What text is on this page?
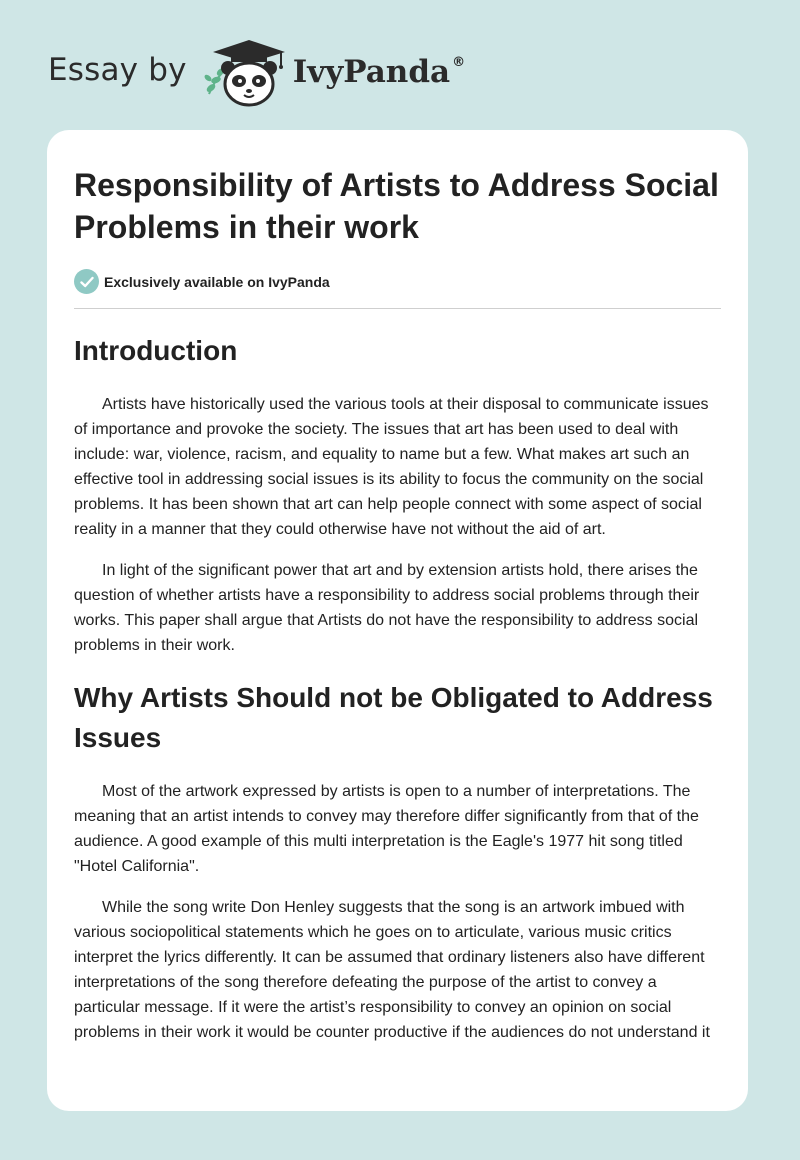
Essay by	IvyPanda ®
Responsibility of Artists to Address Social Problems in their work
Exclusively available on IvyPanda
Introduction

Artists have historically used the various tools at their disposal to communicate issues of importance and provoke the society. The issues that art has been used to deal with include: war, violence, racism, and equality to name but a few. What makes art such an effective tool in addressing social issues is its ability to focus the community on the social problems. It has been shown that art can help people connect with some aspect of social reality in a manner that they could otherwise have not without the aid of art.

In light of the significant power that art and by extension artists hold, there arises the question of whether artists have a responsibility to address social problems through their works. This paper shall argue that Artists do not have the responsibility to address social problems in their work.

Why Artists Should not be Obligated to Address Issues

Most of the artwork expressed by artists is open to a number of interpretations. The meaning that an artist intends to convey may therefore differ significantly from that of the audience. A good example of this multi interpretation is the Eagle's 1977 hit song titled "Hotel California".

While the song write Don Henley suggests that the song is an artwork imbued with various sociopolitical statements which he goes on to articulate, various music critics interpret the lyrics differently. It can be assumed that ordinary listeners also have different interpretations of the song therefore defeating the purpose of the artist to convey a particular message. If it were the artist’s responsibility to convey an opinion on social problems in their work it would be counter productive if the audiences do not understand it
